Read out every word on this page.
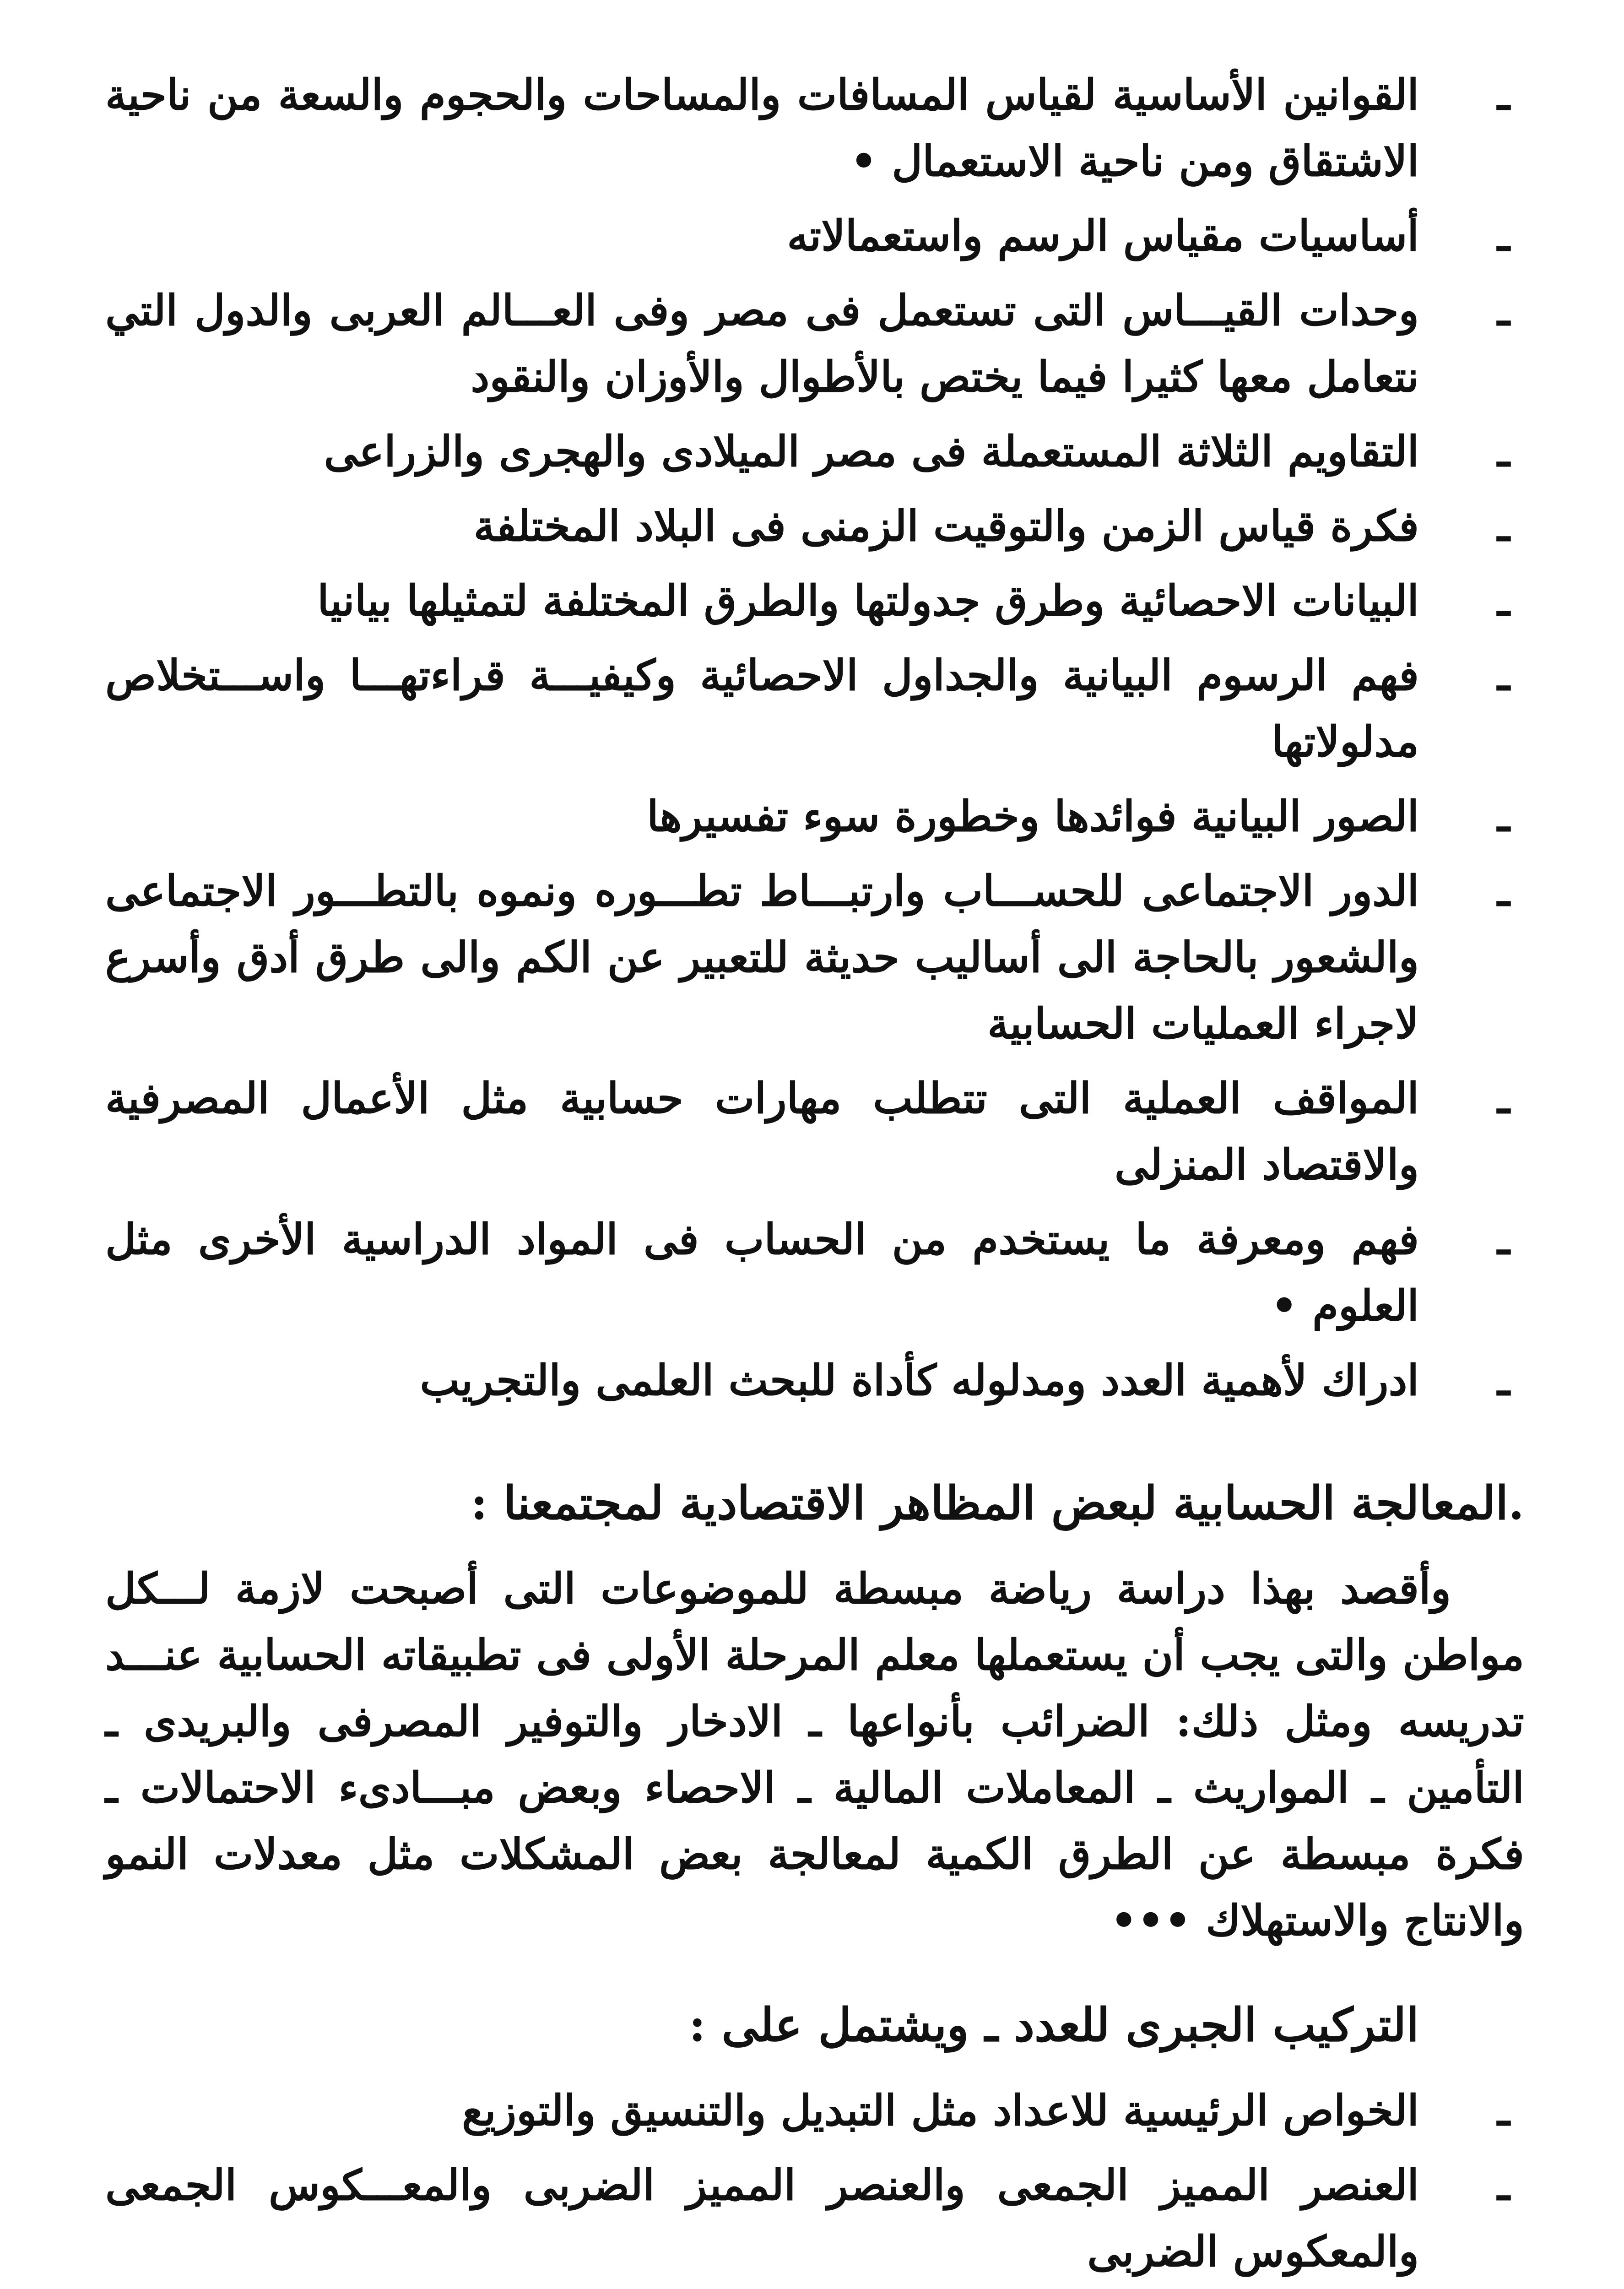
ـ
القوانين الأساسية لقياس المسافات والمساحات والحجوم والسعة من ناحية الاشتقاق ومن ناحية الاستعمال •
ـ
أساسيات مقياس الرسم واستعمالاته
ـ
وحدات القيـــاس التى تستعمل فى مصر وفى العـــالم العربى والدول التي نتعامل معها كثيرا فيما يختص بالأطوال والأوزان والنقود
ـ
التقاويم الثلاثة المستعملة فى مصر الميلادى والهجرى والزراعى
ـ
فكرة قياس الزمن والتوقيت الزمنى فى البلاد المختلفة
ـ
البيانات الاحصائية وطرق جدولتها والطرق المختلفة لتمثيلها بيانيا
ـ
فهم الرسوم البيانية والجداول الاحصائية وكيفيـــة قراءتهـــا واســـتخلاص مدلولاتها
ـ
الصور البيانية فوائدها وخطورة سوء تفسيرها
ـ
الدور الاجتماعى للحســـاب وارتبـــاط تطـــوره ونموه بالتطـــور الاجتماعى والشعور بالحاجة الى أساليب حديثة للتعبير عن الكم والى طرق أدق وأسرع لاجراء العمليات الحسابية
ـ
المواقف العملية التى تتطلب مهارات حسابية مثل الأعمال المصرفية والاقتصاد المنزلى
ـ
فهم ومعرفة ما يستخدم من الحساب فى المواد الدراسية الأخرى مثل العلوم •
ـ
ادراك لأهمية العدد ومدلوله كأداة للبحث العلمى والتجريب
.المعالجة الحسابية لبعض المظاهر الاقتصادية لمجتمعنا :

وأقصد بهذا دراسة رياضة مبسطة للموضوعات التى أصبحت لازمة لـــكل مواطن والتى يجب أن يستعملها معلم المرحلة الأولى فى تطبيقاته الحسابية عنـــد تدريسه ومثل ذلك: الضرائب بأنواعها ـ الادخار والتوفير المصرفى والبريدى ـ التأمين ـ المواريث ـ المعاملات المالية ـ الاحصاء وبعض مبـــادىء الاحتمالات ـ فكرة مبسطة عن الطرق الكمية لمعالجة بعض المشكلات مثل معدلات النمو والانتاج والاستهلاك •••

التركيب الجبرى للعدد ـ ويشتمل على :
ـ
الخواص الرئيسية للاعداد مثل التبديل والتنسيق والتوزيع
ـ
العنصر المميز الجمعى والعنصر المميز الضربى والمعـــكوس الجمعى والمعكوس الضربى
